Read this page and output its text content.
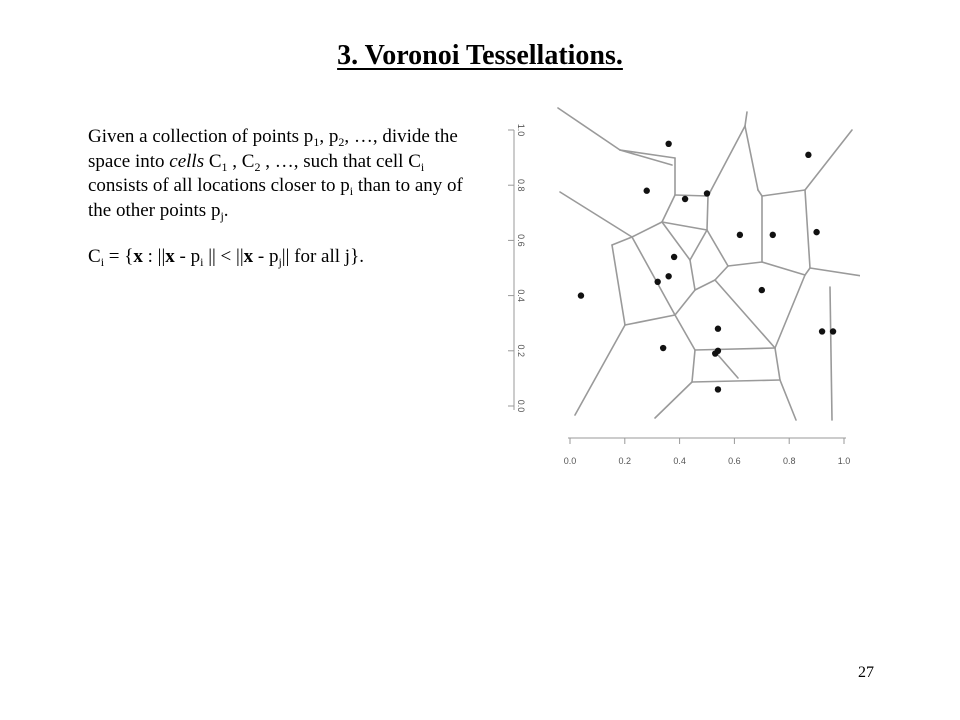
3. Voronoi Tessellations.

Given a collection of points $p_1$, $p_2$, …, divide the space into cells $C_1$ , $C_2$ , …, such that cell $C_i$ consists of all locations closer to $p_i$ than to any of the other points $p_j$.

$C_i = \{x$ : $||x - p_i$ || < $||x - p_j||$ for all j}.

0.0	0.2	0.4	0.6	0.8	1.0
0.0
0.2
0.4
0.6
0.8
1.0
27
